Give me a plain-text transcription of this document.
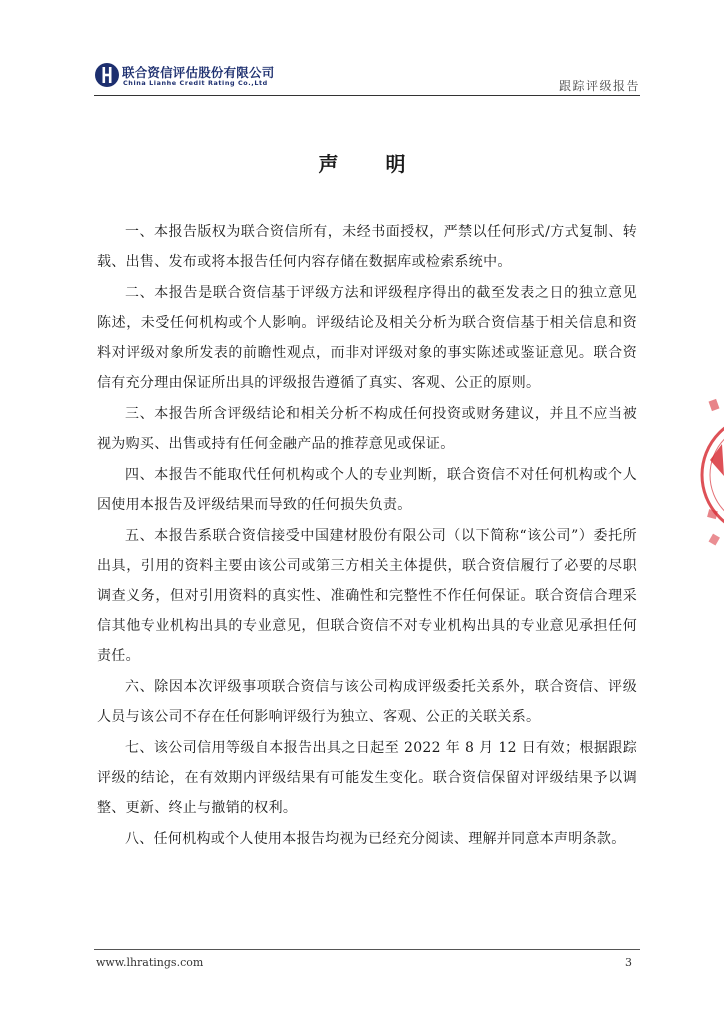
联合资信评估股份有限公司
China Lianhe Credit Rating Co.,Ltd	跟踪评级报告
声 明

一、本报告版权为联合资信所有，未经书面授权，严禁以任何形式/方式复制、转载、出售、发布或将本报告任何内容存储在数据库或检索系统中。

二、本报告是联合资信基于评级方法和评级程序得出的截至发表之日的独立意见陈述，未受任何机构或个人影响。评级结论及相关分析为联合资信基于相关信息和资料对评级对象所发表的前瞻性观点，而非对评级对象的事实陈述或鉴证意见。联合资信有充分理由保证所出具的评级报告遵循了真实、客观、公正的原则。

三、本报告所含评级结论和相关分析不构成任何投资或财务建议，并且不应当被视为购买、出售或持有任何金融产品的推荐意见或保证。

四、本报告不能取代任何机构或个人的专业判断，联合资信不对任何机构或个人因使用本报告及评级结果而导致的任何损失负责。

五、本报告系联合资信接受中国建材股份有限公司（以下简称“该公司”）委托所出具，引用的资料主要由该公司或第三方相关主体提供，联合资信履行了必要的尽职调查义务，但对引用资料的真实性、准确性和完整性不作任何保证。联合资信合理采信其他专业机构出具的专业意见，但联合资信不对专业机构出具的专业意见承担任何责任。

六、除因本次评级事项联合资信与该公司构成评级委托关系外，联合资信、评级人员与该公司不存在任何影响评级行为独立、客观、公正的关联关系。

七、该公司信用等级自本报告出具之日起至 2022 年 8 月 12 日有效；根据跟踪评级的结论，在有效期内评级结果有可能发生变化。联合资信保留对评级结果予以调整、更新、终止与撤销的权利。

八、任何机构或个人使用本报告均视为已经充分阅读、理解并同意本声明条款。

www.lhratings.com	3
